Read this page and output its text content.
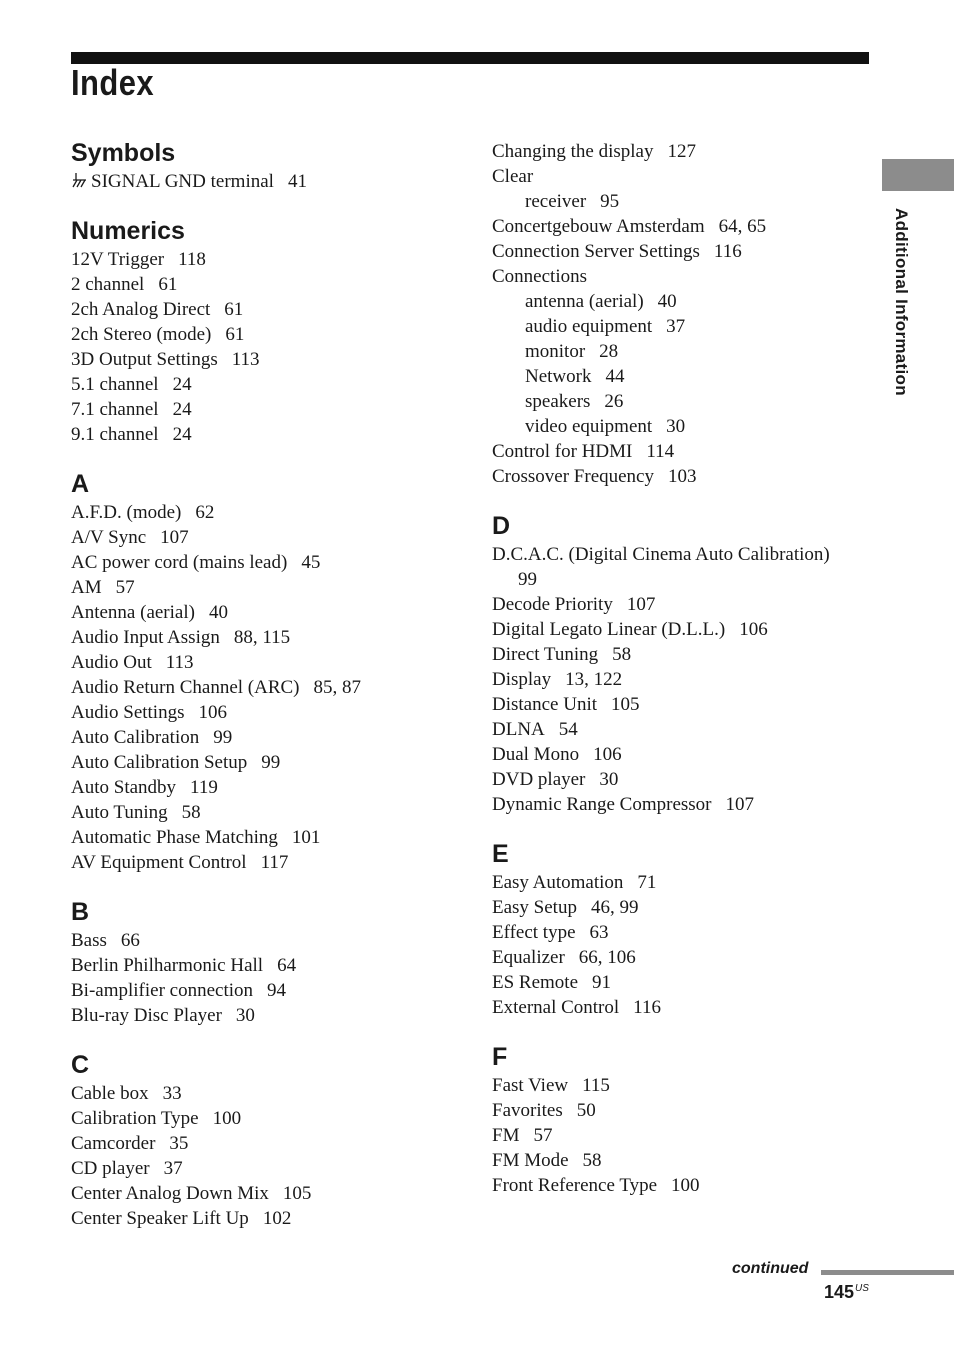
Index
Symbols
SIGNAL GND terminal 41
Numerics
12V Trigger 118
2 channel 61
2ch Analog Direct 61
2ch Stereo (mode) 61
3D Output Settings 113
5.1 channel 24
7.1 channel 24
9.1 channel 24
A
A.F.D. (mode) 62
A/V Sync 107
AC power cord (mains lead) 45
AM 57
Antenna (aerial) 40
Audio Input Assign 88, 115
Audio Out 113
Audio Return Channel (ARC) 85, 87
Audio Settings 106
Auto Calibration 99
Auto Calibration Setup 99
Auto Standby 119
Auto Tuning 58
Automatic Phase Matching 101
AV Equipment Control 117
B
Bass 66
Berlin Philharmonic Hall 64
Bi-amplifier connection 94
Blu-ray Disc Player 30
C
Cable box 33
Calibration Type 100
Camcorder 35
CD player 37
Center Analog Down Mix 105
Center Speaker Lift Up 102
Changing the display 127
Clear
receiver 95
Concertgebouw Amsterdam 64, 65
Connection Server Settings 116
Connections
antenna (aerial) 40
audio equipment 37
monitor 28
Network 44
speakers 26
video equipment 30
Control for HDMI 114
Crossover Frequency 103
D
D.C.A.C. (Digital Cinema Auto Calibration)
99
Decode Priority 107
Digital Legato Linear (D.L.L.) 106
Direct Tuning 58
Display 13, 122
Distance Unit 105
DLNA 54
Dual Mono 106
DVD player 30
Dynamic Range Compressor 107
E
Easy Automation 71
Easy Setup 46, 99
Effect type 63
Equalizer 66, 106
ES Remote 91
External Control 116
F
Fast View 115
Favorites 50
FM 57
FM Mode 58
Front Reference Type 100
Additional Information
continued
$145^{US}$
